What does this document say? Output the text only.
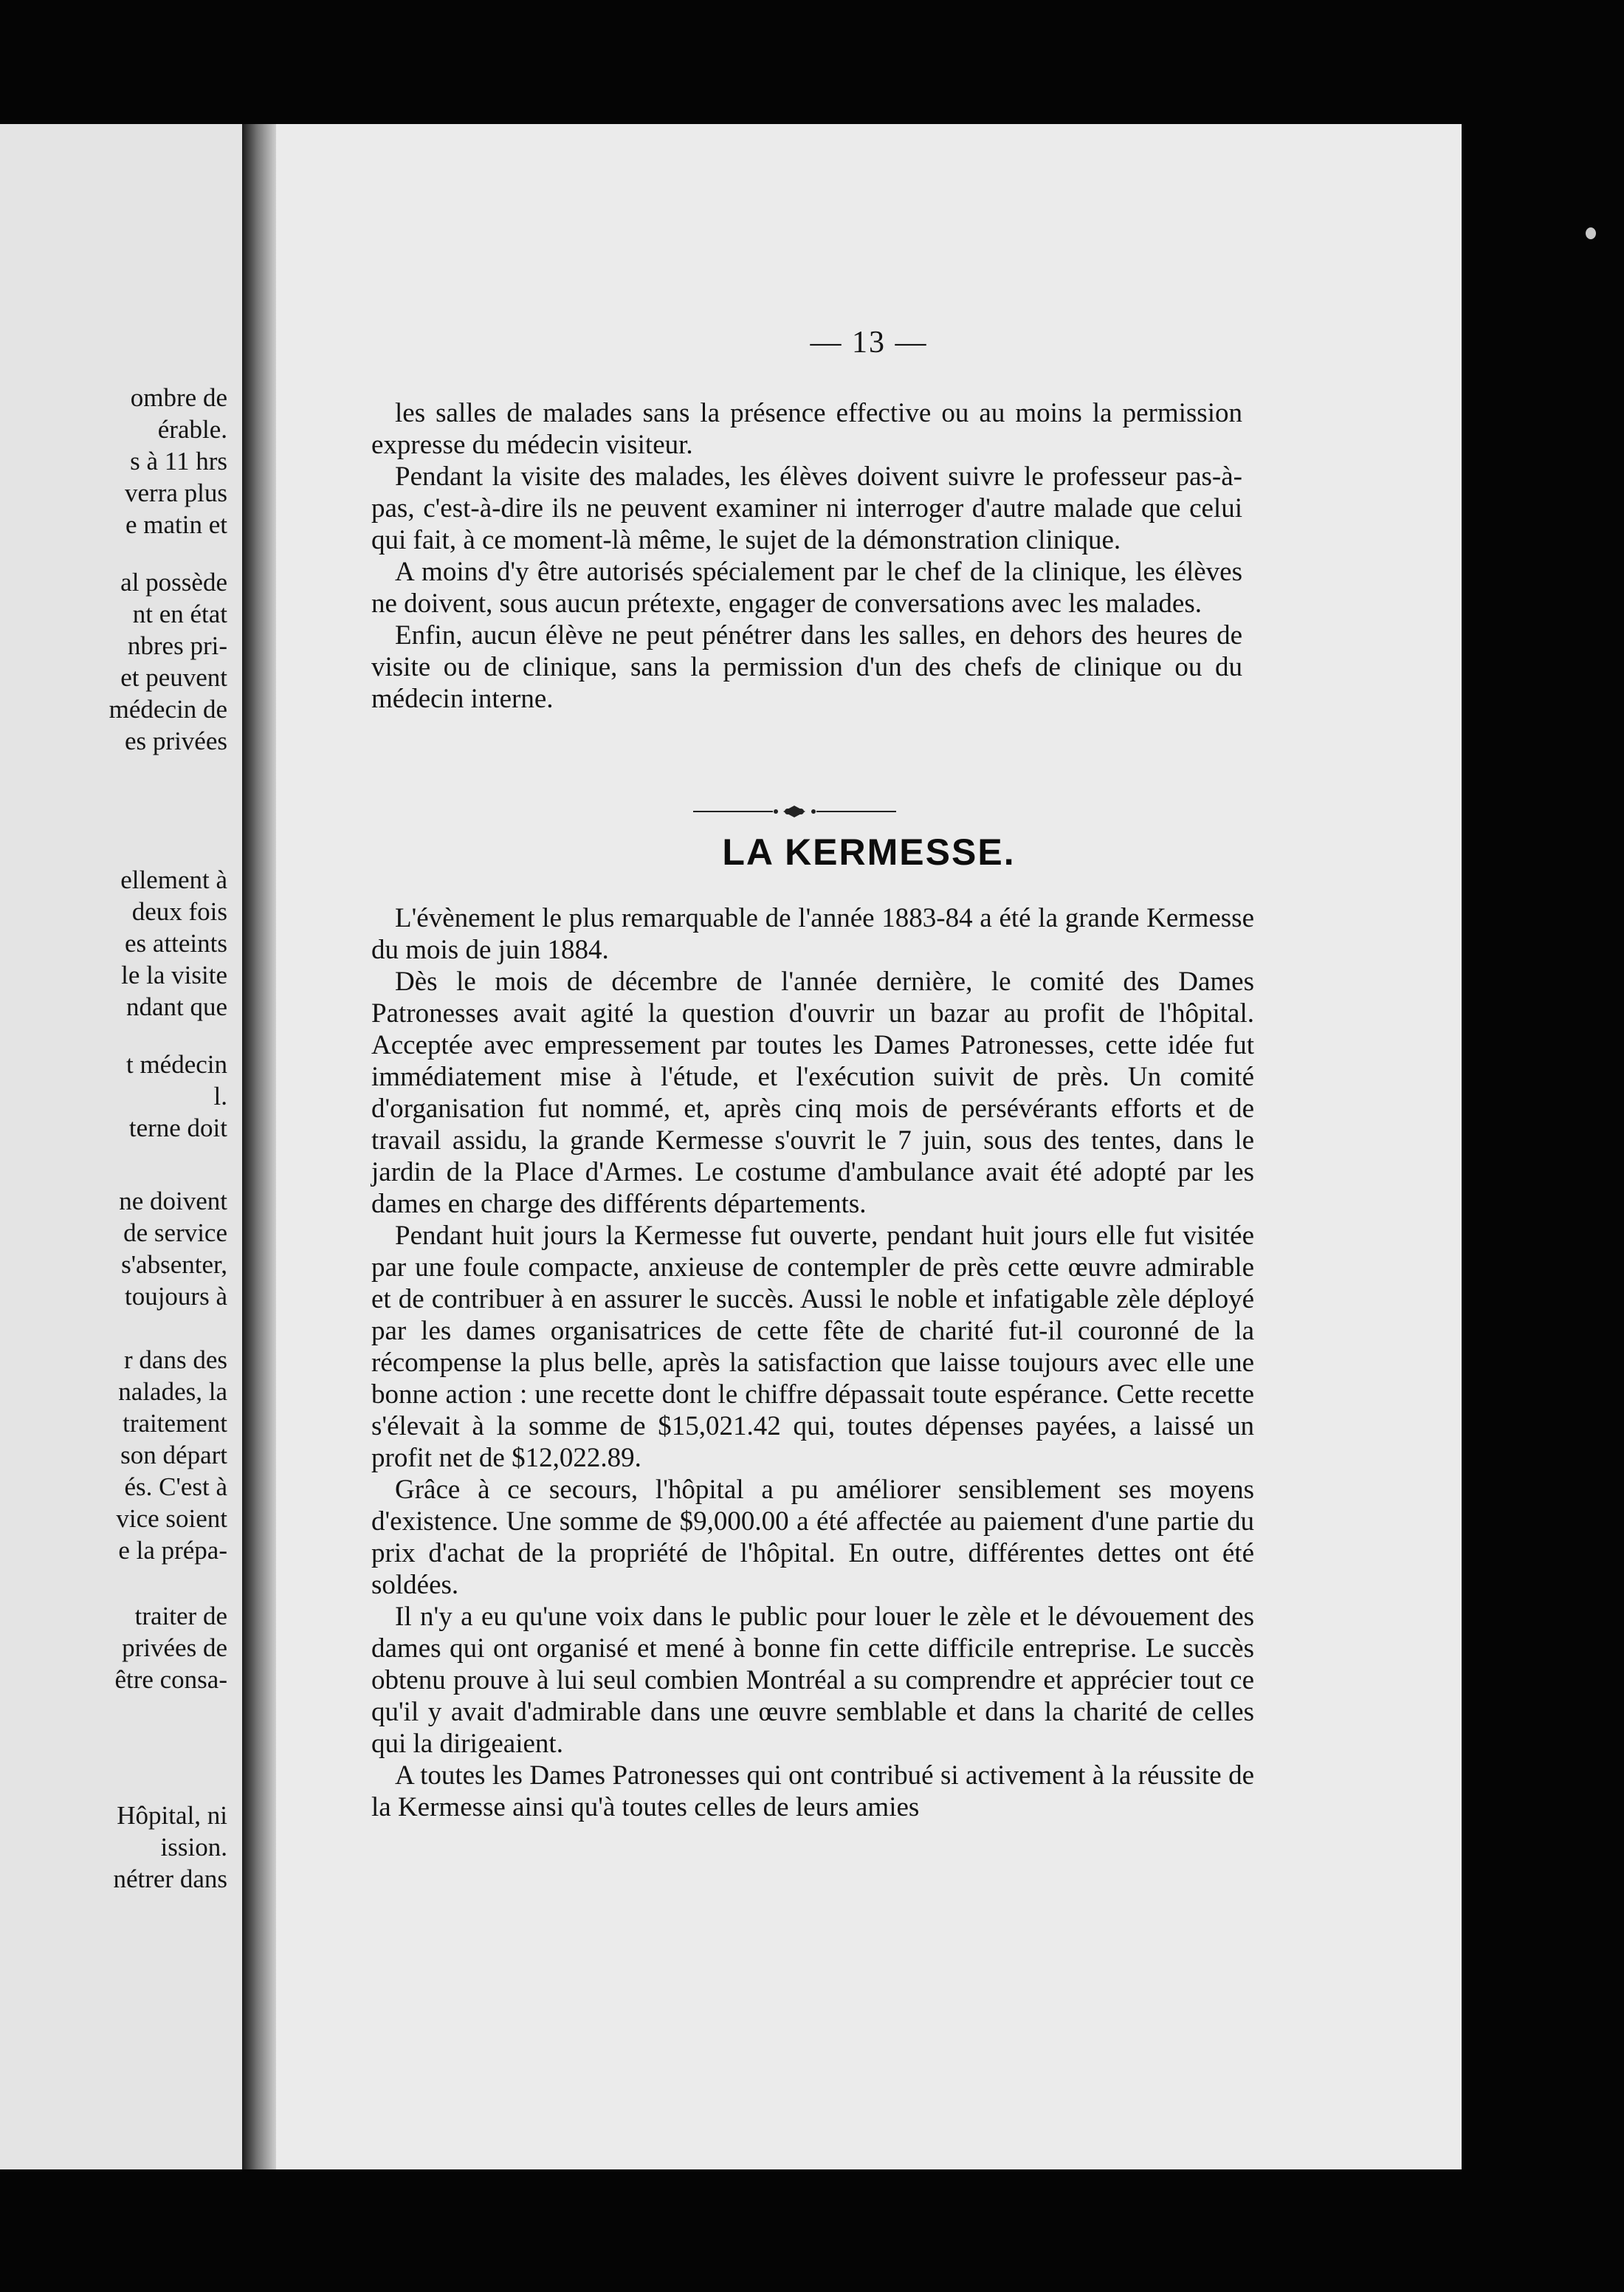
ombre de
érable.
s à 11 hrs
verra plus
e matin et
al possède
nt en état
nbres pri-
et peuvent
médecin de
es privées
ellement à
deux fois
es atteints
le la visite
ndant que
t médecin
l.
terne doit
ne doivent
de service
s'absenter,
toujours à
r dans des
nalades, la
traitement
son départ
és. C'est à
vice soient
e la prépa-
traiter de
privées de
être consa-
Hôpital, ni
ission.
nétrer dans
— 13 —

les salles de malades sans la présence effective ou au moins la permission expresse du médecin visiteur.

Pendant la visite des malades, les élèves doivent suivre le professeur pas-à-pas, c'est-à-dire ils ne peuvent examiner ni interroger d'autre malade que celui qui fait, à ce moment-là même, le sujet de la démonstration clinique.

A moins d'y être autorisés spécialement par le chef de la clinique, les élèves ne doivent, sous aucun prétexte, engager de conversations avec les malades.

Enfin, aucun élève ne peut pénétrer dans les salles, en dehors des heures de visite ou de clinique, sans la permission d'un des chefs de clinique ou du médecin interne.

LA KERMESSE.

L'évènement le plus remarquable de l'année 1883-84 a été la grande Kermesse du mois de juin 1884.

Dès le mois de décembre de l'année dernière, le comité des Dames Patronesses avait agité la question d'ouvrir un bazar au profit de l'hôpital. Acceptée avec empressement par toutes les Dames Patronesses, cette idée fut immédiatement mise à l'étude, et l'exécution suivit de près. Un comité d'organisation fut nommé, et, après cinq mois de persévérants efforts et de travail assidu, la grande Kermesse s'ouvrit le 7 juin, sous des tentes, dans le jardin de la Place d'Armes. Le costume d'ambulance avait été adopté par les dames en charge des différents départements.

Pendant huit jours la Kermesse fut ouverte, pendant huit jours elle fut visitée par une foule compacte, anxieuse de contempler de près cette œuvre admirable et de contribuer à en assurer le succès. Aussi le noble et infatigable zèle déployé par les dames organisatrices de cette fête de charité fut-il couronné de la récompense la plus belle, après la satisfaction que laisse toujours avec elle une bonne action : une recette dont le chiffre dépassait toute espérance. Cette recette s'élevait à la somme de $15,021.42 qui, toutes dépenses payées, a laissé un profit net de $12,022.89.

Grâce à ce secours, l'hôpital a pu améliorer sensiblement ses moyens d'existence. Une somme de $9,000.00 a été affectée au paiement d'une partie du prix d'achat de la propriété de l'hôpital. En outre, différentes dettes ont été soldées.

Il n'y a eu qu'une voix dans le public pour louer le zèle et le dévouement des dames qui ont organisé et mené à bonne fin cette difficile entreprise. Le succès obtenu prouve à lui seul combien Montréal a su comprendre et apprécier tout ce qu'il y avait d'admirable dans une œuvre semblable et dans la charité de celles qui la dirigeaient.

A toutes les Dames Patronesses qui ont contribué si activement à la réussite de la Kermesse ainsi qu'à toutes celles de leurs amies
